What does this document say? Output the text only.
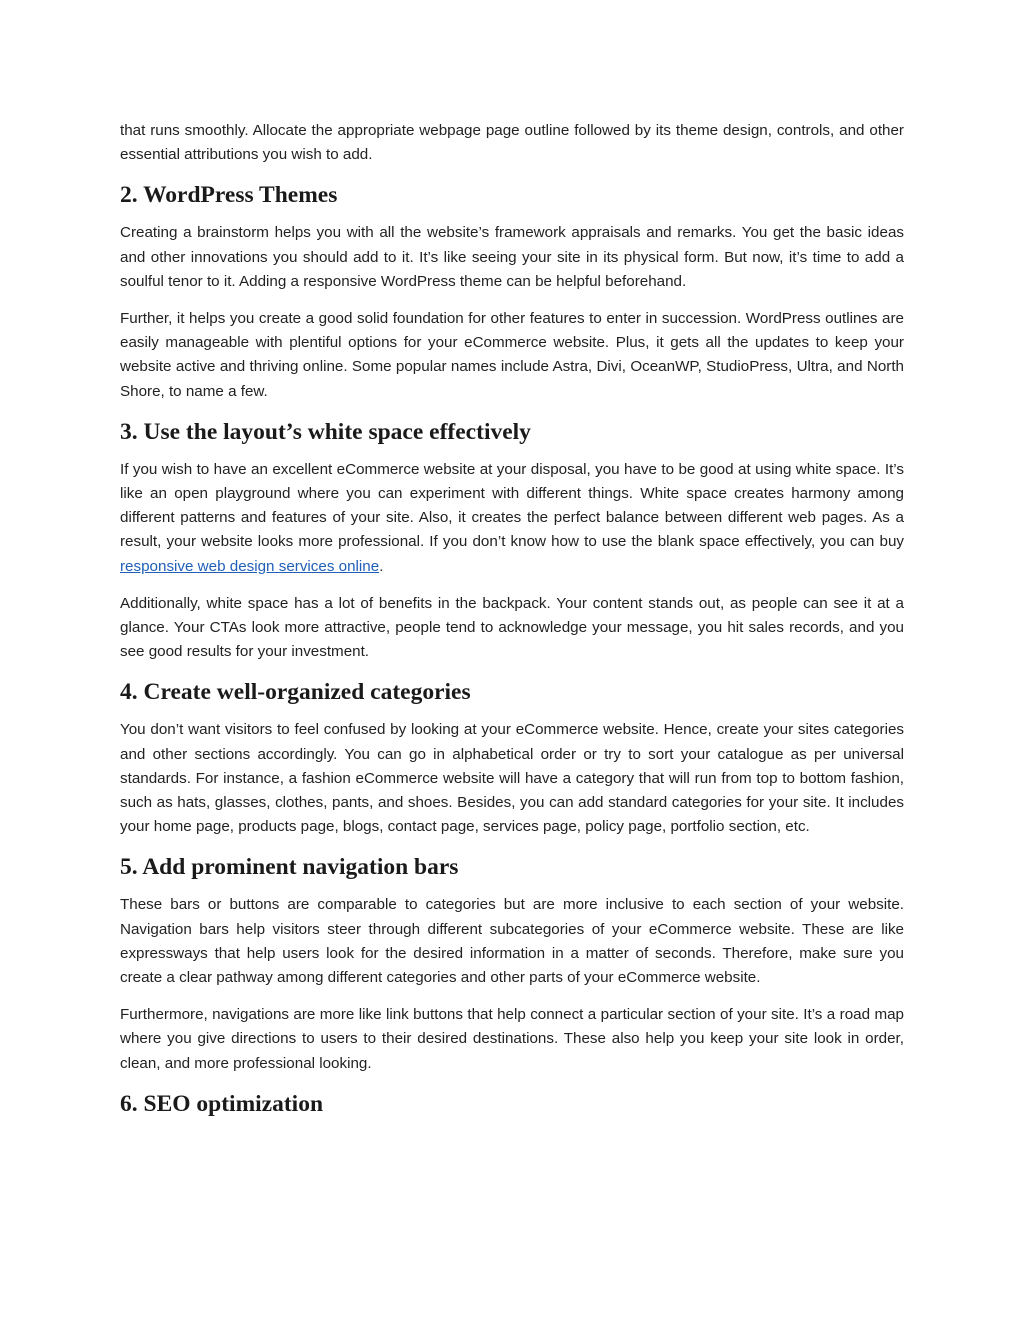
that runs smoothly. Allocate the appropriate webpage page outline followed by its theme design, controls, and other essential attributions you wish to add.

2. WordPress Themes

Creating a brainstorm helps you with all the website’s framework appraisals and remarks. You get the basic ideas and other innovations you should add to it. It’s like seeing your site in its physical form. But now, it’s time to add a soulful tenor to it. Adding a responsive WordPress theme can be helpful beforehand.

Further, it helps you create a good solid foundation for other features to enter in succession. WordPress outlines are easily manageable with plentiful options for your eCommerce website. Plus, it gets all the updates to keep your website active and thriving online. Some popular names include Astra, Divi, OceanWP, StudioPress, Ultra, and North Shore, to name a few.

3. Use the layout’s white space effectively

If you wish to have an excellent eCommerce website at your disposal, you have to be good at using white space. It’s like an open playground where you can experiment with different things. White space creates harmony among different patterns and features of your site. Also, it creates the perfect balance between different web pages. As a result, your website looks more professional. If you don’t know how to use the blank space effectively, you can buy responsive web design services online.

Additionally, white space has a lot of benefits in the backpack. Your content stands out, as people can see it at a glance. Your CTAs look more attractive, people tend to acknowledge your message, you hit sales records, and you see good results for your investment.

4. Create well-organized categories

You don’t want visitors to feel confused by looking at your eCommerce website. Hence, create your sites categories and other sections accordingly. You can go in alphabetical order or try to sort your catalogue as per universal standards. For instance, a fashion eCommerce website will have a category that will run from top to bottom fashion, such as hats, glasses, clothes, pants, and shoes. Besides, you can add standard categories for your site. It includes your home page, products page, blogs, contact page, services page, policy page, portfolio section, etc.

5. Add prominent navigation bars

These bars or buttons are comparable to categories but are more inclusive to each section of your website. Navigation bars help visitors steer through different subcategories of your eCommerce website. These are like expressways that help users look for the desired information in a matter of seconds. Therefore, make sure you create a clear pathway among different categories and other parts of your eCommerce website.

Furthermore, navigations are more like link buttons that help connect a particular section of your site. It’s a road map where you give directions to users to their desired destinations. These also help you keep your site look in order, clean, and more professional looking.

6. SEO optimization
